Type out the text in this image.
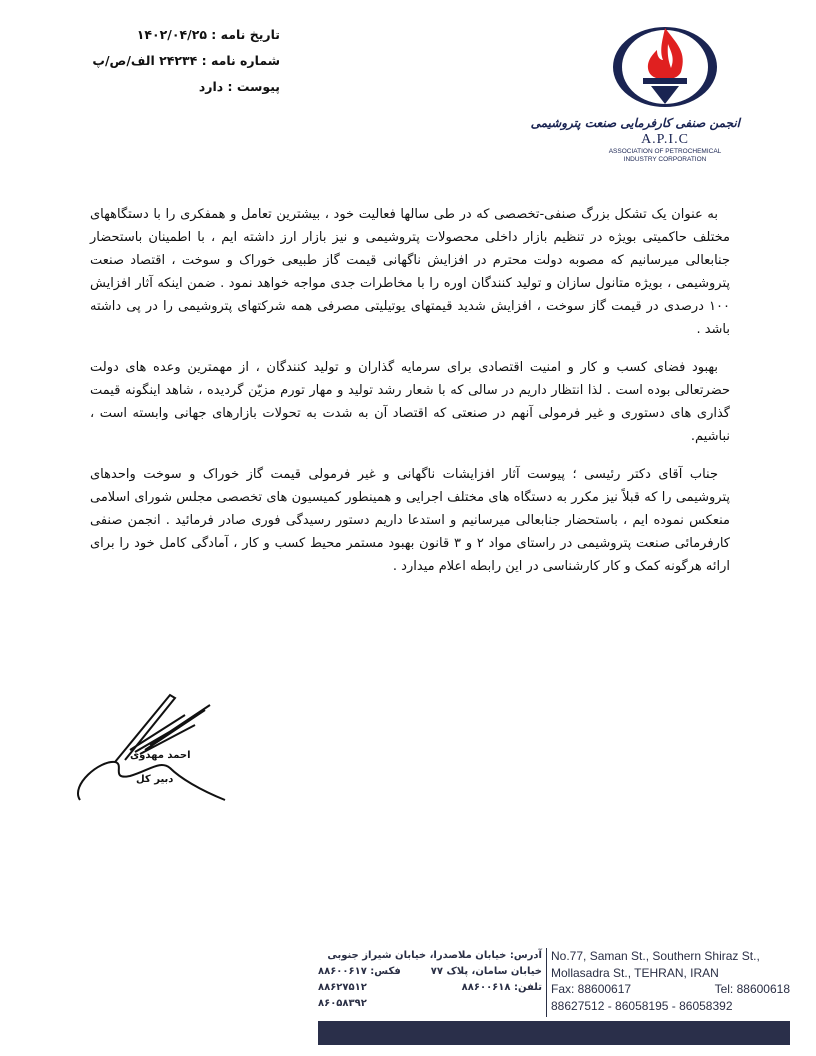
تاریخ نامه : ۱۴۰۲/۰۴/۲۵
شماره نامه : ۲۴۲۳۴ الف/ص/پ
پیوست : دارد
انجمن صنفی کارفرمایی صنعت پتروشیمی
A.P.I.C
ASSOCIATION OF PETROCHEMICAL
INDUSTRY CORPORATION

به عنوان یک تشکل بزرگ صنفی-تخصصی که در طی سالها فعالیت خود ، بیشترین تعامل و همفکری را با دستگاههای مختلف حاکمیتی بویژه در تنظیم بازار داخلی محصولات پتروشیمی و نیز بازار ارز داشته ایم ، با اطمینان باستحضار جنابعالی میرسانیم که مصوبه دولت محترم در افزایش ناگهانی قیمت گاز طبیعی خوراک و سوخت ، اقتصاد صنعت پتروشیمی ، بویژه متانول سازان و تولید کنندگان اوره را با مخاطرات جدی مواجه خواهد نمود . ضمن اینکه آثار افزایش ۱۰۰ درصدی در قیمت گاز سوخت ، افزایش شدید قیمتهای یوتیلیتی مصرفی همه شرکتهای پتروشیمی را در پی داشته باشد .

بهبود فضای کسب و کار و امنیت اقتصادی برای سرمایه گذاران و تولید کنندگان ، از مهمترین وعده های دولت حضرتعالی بوده است . لذا انتظار داریم در سالی که با شعار رشد تولید و مهار تورم مزیّن گردیده ، شاهد اینگونه قیمت گذاری های دستوری و غیر فرمولی آنهم در صنعتی که اقتصاد آن به شدت به تحولات بازارهای جهانی وابسته است ، نباشیم.

جناب آقای دکتر رئیسی ؛ پیوست آثار افزایشات ناگهانی و غیر فرمولی قیمت گاز خوراک و سوخت واحدهای پتروشیمی را که قبلاً نیز مکرر به دستگاه های مختلف اجرایی و همینطور کمیسیون های تخصصی مجلس شورای اسلامی منعکس نموده ایم ، باستحضار جنابعالی میرسانیم و استدعا داریم دستور رسیدگی فوری صادر فرمائید . انجمن صنفی کارفرمائی صنعت پتروشیمی در راستای مواد ۲ و ۳ قانون بهبود مستمر محیط کسب و کار ، آمادگی کامل خود را برای ارائه هرگونه کمک و کار کارشناسی در این رابطه اعلام میدارد .

احمد مهدوی
دبیر کل
آدرس: خیابان ملاصدرا، خیابان شیراز جنوبی
خیابان سامان، پلاک ۷۷
فکس: ۸۸۶۰۰۶۱۷
تلفن: ۸۸۶۰۰۶۱۸
۸۸۶۲۷۵۱۲
۸۶۰۵۸۳۹۲
No.77, Saman St., Southern Shiraz St.,
Mollasadra St., TEHRAN, IRAN
Fax: 88600617	Tel: 88600618
88627512 - 86058195 - 86058392
